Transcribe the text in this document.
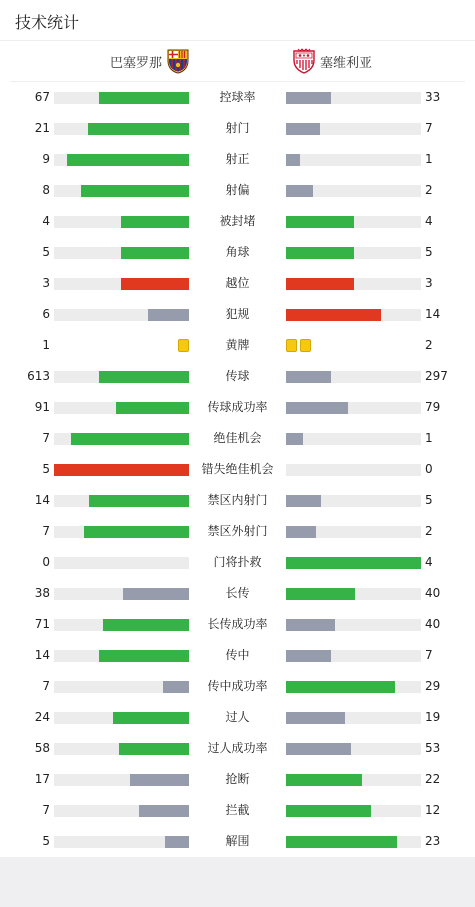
技术统计
巴塞罗那	塞维利亚
67	控球率	33
21	射门	7
9	射正	1
8	射偏	2
4	被封堵	4
5	角球	5
3	越位	3
6	犯规	14
1	黄牌	2
613	传球	297
91	传球成功率	79
7	绝佳机会	1
5	错失绝佳机会	0
14	禁区内射门	5
7	禁区外射门	2
0	门将扑救	4
38	长传	40
71	长传成功率	40
14	传中	7
7	传中成功率	29
24	过人	19
58	过人成功率	53
17	抢断	22
7	拦截	12
5	解围	23
